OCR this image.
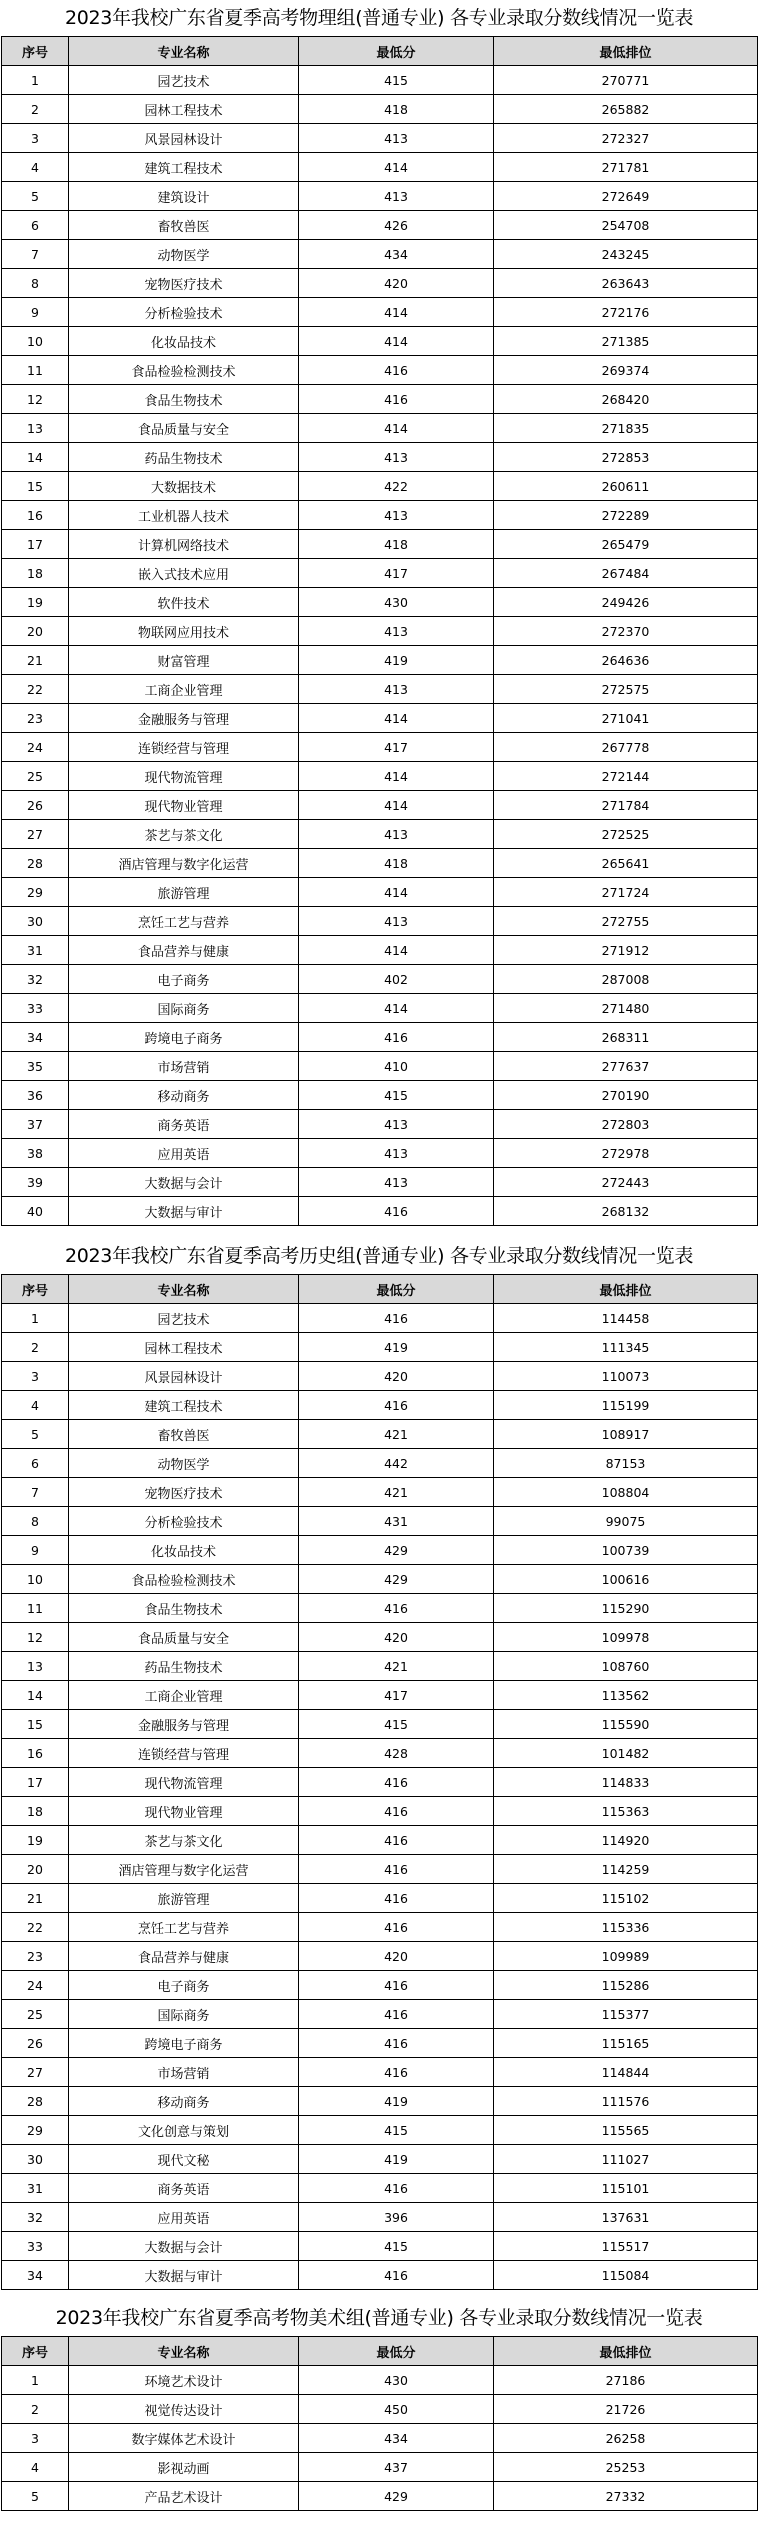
2023年我校广东省夏季高考物理组(普通专业) 各专业录取分数线情况一览表
序号	专业名称	最低分	最低排位
1	园艺技术	415	270771
2	园林工程技术	418	265882
3	风景园林设计	413	272327
4	建筑工程技术	414	271781
5	建筑设计	413	272649
6	畜牧兽医	426	254708
7	动物医学	434	243245
8	宠物医疗技术	420	263643
9	分析检验技术	414	272176
10	化妆品技术	414	271385
11	食品检验检测技术	416	269374
12	食品生物技术	416	268420
13	食品质量与安全	414	271835
14	药品生物技术	413	272853
15	大数据技术	422	260611
16	工业机器人技术	413	272289
17	计算机网络技术	418	265479
18	嵌入式技术应用	417	267484
19	软件技术	430	249426
20	物联网应用技术	413	272370
21	财富管理	419	264636
22	工商企业管理	413	272575
23	金融服务与管理	414	271041
24	连锁经营与管理	417	267778
25	现代物流管理	414	272144
26	现代物业管理	414	271784
27	茶艺与茶文化	413	272525
28	酒店管理与数字化运营	418	265641
29	旅游管理	414	271724
30	烹饪工艺与营养	413	272755
31	食品营养与健康	414	271912
32	电子商务	402	287008
33	国际商务	414	271480
34	跨境电子商务	416	268311
35	市场营销	410	277637
36	移动商务	415	270190
37	商务英语	413	272803
38	应用英语	413	272978
39	大数据与会计	413	272443
40	大数据与审计	416	268132
2023年我校广东省夏季高考历史组(普通专业) 各专业录取分数线情况一览表
序号	专业名称	最低分	最低排位
1	园艺技术	416	114458
2	园林工程技术	419	111345
3	风景园林设计	420	110073
4	建筑工程技术	416	115199
5	畜牧兽医	421	108917
6	动物医学	442	87153
7	宠物医疗技术	421	108804
8	分析检验技术	431	99075
9	化妆品技术	429	100739
10	食品检验检测技术	429	100616
11	食品生物技术	416	115290
12	食品质量与安全	420	109978
13	药品生物技术	421	108760
14	工商企业管理	417	113562
15	金融服务与管理	415	115590
16	连锁经营与管理	428	101482
17	现代物流管理	416	114833
18	现代物业管理	416	115363
19	茶艺与茶文化	416	114920
20	酒店管理与数字化运营	416	114259
21	旅游管理	416	115102
22	烹饪工艺与营养	416	115336
23	食品营养与健康	420	109989
24	电子商务	416	115286
25	国际商务	416	115377
26	跨境电子商务	416	115165
27	市场营销	416	114844
28	移动商务	419	111576
29	文化创意与策划	415	115565
30	现代文秘	419	111027
31	商务英语	416	115101
32	应用英语	396	137631
33	大数据与会计	415	115517
34	大数据与审计	416	115084
2023年我校广东省夏季高考物美术组(普通专业) 各专业录取分数线情况一览表
序号	专业名称	最低分	最低排位
1	环境艺术设计	430	27186
2	视觉传达设计	450	21726
3	数字媒体艺术设计	434	26258
4	影视动画	437	25253
5	产品艺术设计	429	27332
